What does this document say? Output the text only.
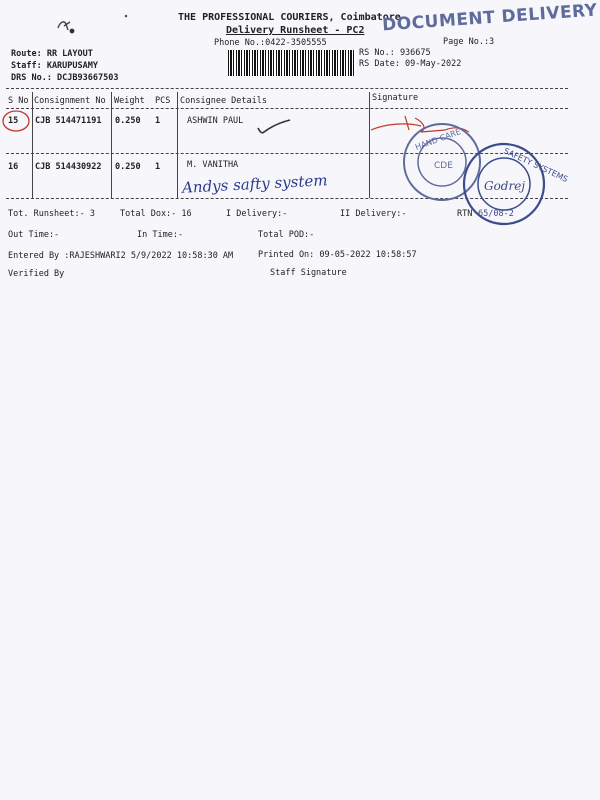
THE PROFESSIONAL COURIERS, Coimbatore
Delivery Runsheet - PC2
Phone No.:0422-3505555	Page No.:3
DOCUMENT DELIVERY
Route: RR LAYOUT
Staff: KARUPUSAMY
DRS No.: DCJB93667503
RS No.: 936675
RS Date: 09-May-2022
S No Consignment No Weight PCS Consignee Details	Signature
15 CJB 514471191 0.250 1	ASHWIN PAUL
16 CJB 514430922 0.250 1	M. VANITHA
Andys safty system
HAND CARE
CDE	SAFETY SYSTEMS
Godrej
Tot. Runsheet:- 3	Total Dox:- 16	I Delivery:-	II Delivery:-	RTN 65/08-2
Out Time:-	In Time:-	Total POD:-
Entered By :RAJESHWARI2 5/9/2022 10:58:30 AM	Printed On: 09-05-2022 10:58:57
Verified By	Staff Signature
